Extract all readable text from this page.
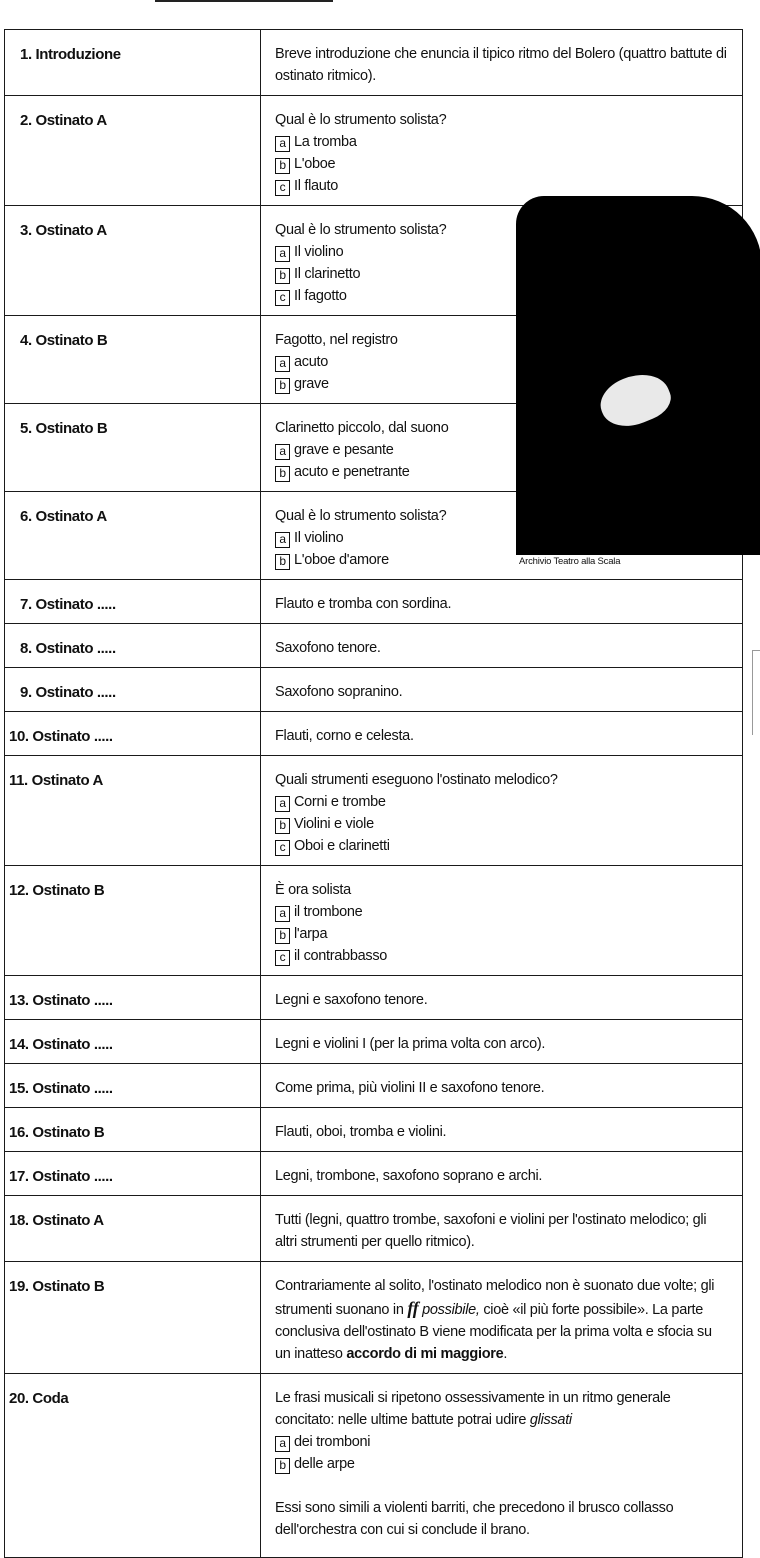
1. Introduzione	Breve introduzione che enuncia il tipico ritmo del Bolero (quattro battute di ostinato ritmico).

2. Ostinato A	Qual è lo strumento solista?
a La tromba
b L'oboe
c Il flauto

3. Ostinato A	Qual è lo strumento solista?
a Il violino
b Il clarinetto
c Il fagotto

4. Ostinato B	Fagotto, nel registro
a acuto
b grave

5. Ostinato B	Clarinetto piccolo, dal suono
a grave e pesante
b acuto e penetrante

6. Ostinato A	Qual è lo strumento solista?
a Il violino
b L'oboe d'amore

7. Ostinato .....	Flauto e tromba con sordina.

8. Ostinato .....	Saxofono tenore.

9. Ostinato .....	Saxofono sopranino.

10. Ostinato .....	Flauti, corno e celesta.

11. Ostinato A	Quali strumenti eseguono l'ostinato melodico?
a Corni e trombe
b Violini e viole
c Oboi e clarinetti

12. Ostinato B	È ora solista
a il trombone
b l'arpa
c il contrabbasso

13. Ostinato .....	Legni e saxofono tenore.

14. Ostinato .....	Legni e violini I (per la prima volta con arco).

15. Ostinato .....	Come prima, più violini II e saxofono tenore.

16. Ostinato B	Flauti, oboi, tromba e violini.

17. Ostinato .....	Legni, trombone, saxofono soprano e archi.

18. Ostinato A	Tutti (legni, quattro trombe, saxofoni e violini per l'ostinato melodico; gli altri strumenti per quello ritmico).

19. Ostinato B	Contrariamente al solito, l'ostinato melodico non è suonato due volte; gli strumenti suonano in ff possibile, cioè «il più forte possibile». La parte conclusiva dell'ostinato B viene modificata per la prima volta e sfocia su un inatteso accordo di mi maggiore.

20. Coda	Le frasi musicali si ripetono ossessivamente in un ritmo generale concitato: nelle ultime battute potrai udire glissati
a dei tromboni
b delle arpe
Essi sono simili a violenti barriti, che precedono il brusco collasso dell'orchestra con cui si conclude il brano.
Archivio Teatro alla Scala
